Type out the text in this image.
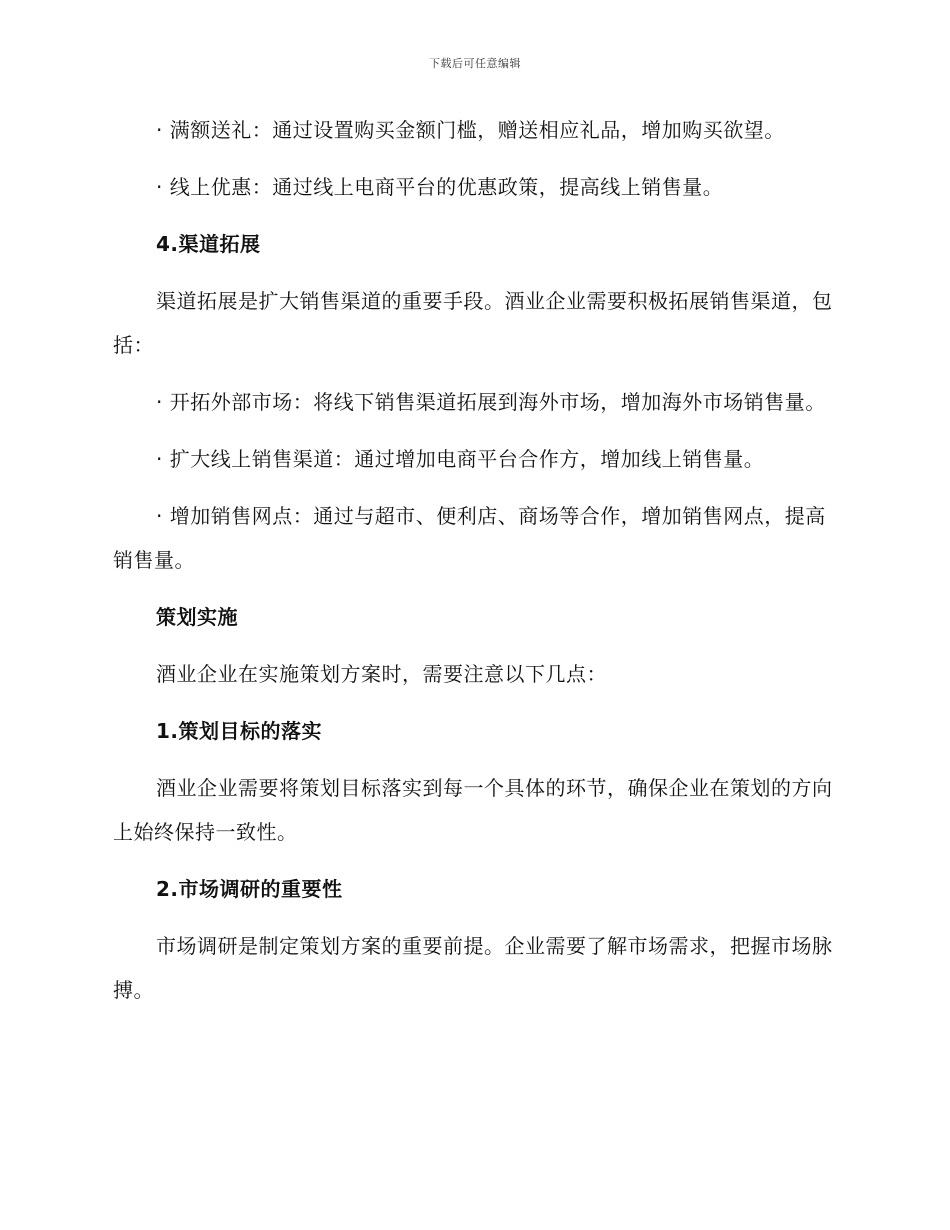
下载后可任意编辑
· 满额送礼：通过设置购买金额门槛，赠送相应礼品，增加购买欲望。
· 线上优惠：通过线上电商平台的优惠政策，提高线上销售量。
4.渠道拓展
渠道拓展是扩大销售渠道的重要手段。酒业企业需要积极拓展销售渠道，包括：
· 开拓外部市场：将线下销售渠道拓展到海外市场，增加海外市场销售量。
· 扩大线上销售渠道：通过增加电商平台合作方，增加线上销售量。
· 增加销售网点：通过与超市、便利店、商场等合作，增加销售网点，提高销售量。
策划实施
酒业企业在实施策划方案时，需要注意以下几点：
1.策划目标的落实
酒业企业需要将策划目标落实到每一个具体的环节，确保企业在策划的方向上始终保持一致性。
2.市场调研的重要性
市场调研是制定策划方案的重要前提。企业需要了解市场需求，把握市场脉搏。
